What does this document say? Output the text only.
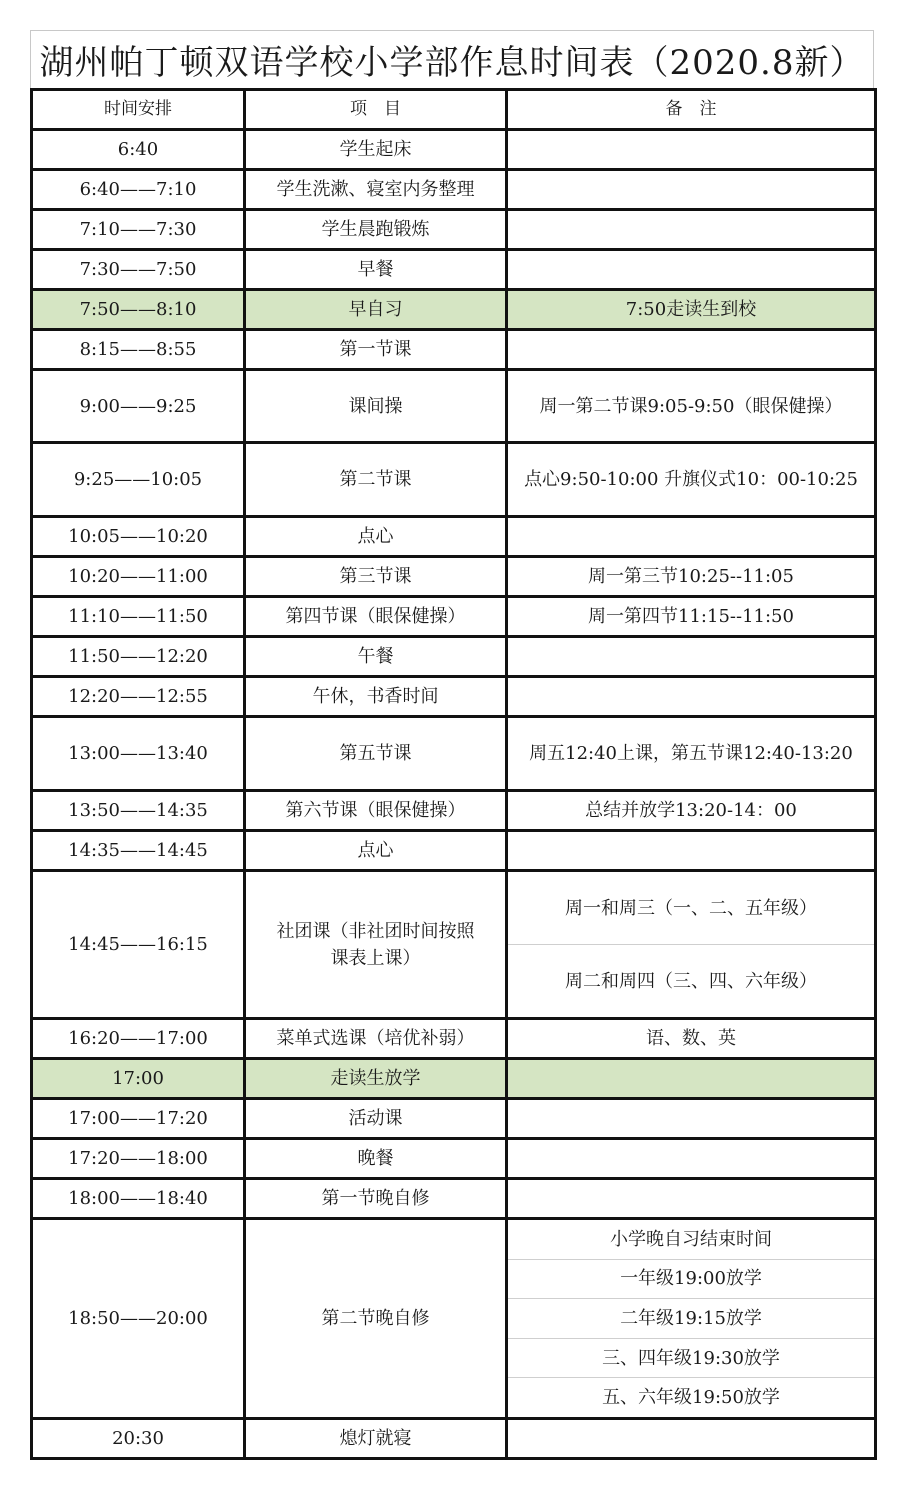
湖州帕丁顿双语学校小学部作息时间表（2020.8新）
时间安排	项　目	备　注
6:40	学生起床	
6:40——7:10	学生洗漱、寝室内务整理	
7:10——7:30	学生晨跑锻炼	
7:30——7:50	早餐	
7:50——8:10	早自习	7:50走读生到校
8:15——8:55	第一节课	
9:00——9:25	课间操	周一第二节课9:05-9:50（眼保健操）
9:25——10:05	第二节课	点心9:50-10:00 升旗仪式10：00-10:25
10:05——10:20	点心	
10:20——11:00	第三节课	周一第三节10:25--11:05
11:10——11:50	第四节课（眼保健操）	周一第四节11:15--11:50
11:50——12:20	午餐	
12:20——12:55	午休，书香时间	
13:00——13:40	第五节课	周五12:40上课，第五节课12:40-13:20
13:50——14:35	第六节课（眼保健操）	总结并放学13:20-14：00
14:35——14:45	点心	
14:45——16:15	社团课（非社团时间按照课表上课）	周一和周三（一、二、五年级）
周二和周四（三、四、六年级）

16:20——17:00	菜单式选课（培优补弱）	语、数、英
17:00	走读生放学	
17:00——17:20	活动课	
17:20——18:00	晚餐	
18:00——18:40	第一节晚自修	
18:50——20:00	第二节晚自修	小学晚自习结束时间
一年级19:00放学
二年级19:15放学
三、四年级19:30放学
五、六年级19:50放学

20:30	熄灯就寝	
